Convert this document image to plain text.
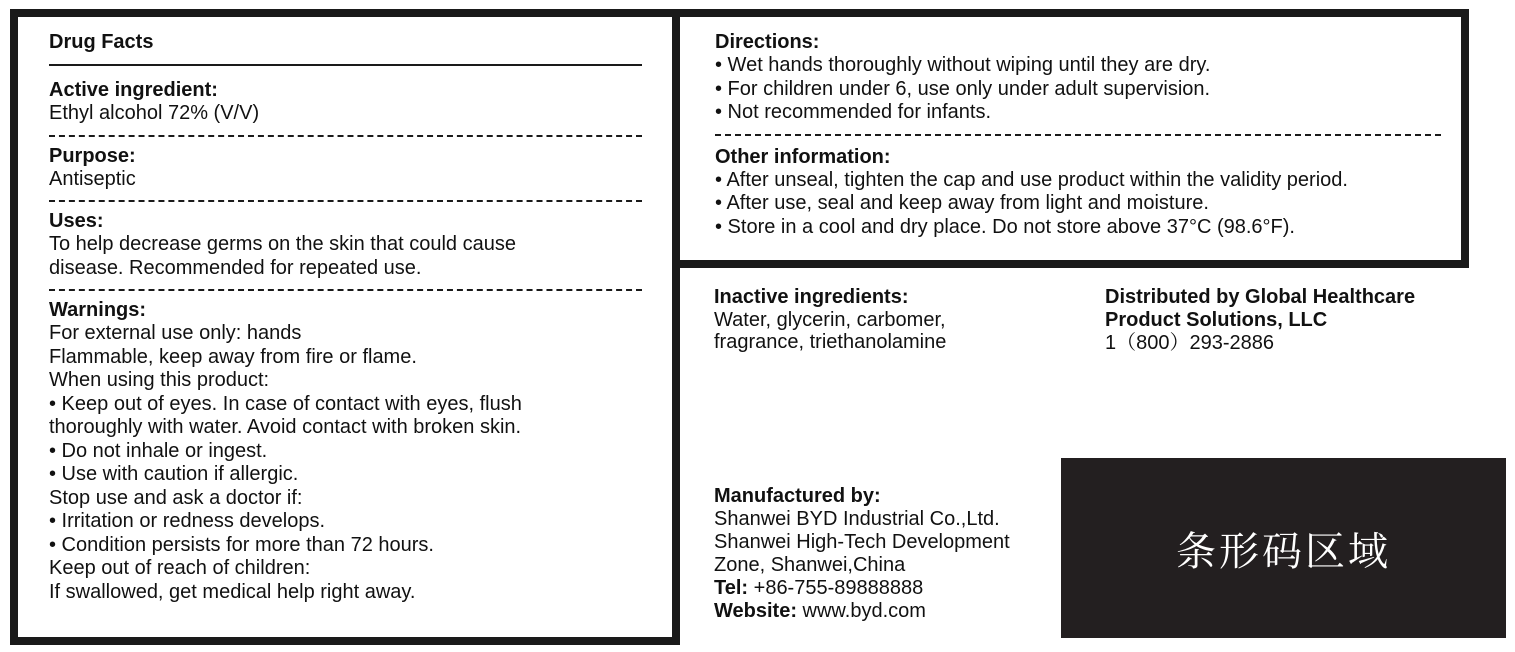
Drug Facts
Active ingredient:
Ethyl alcohol 72% (V/V)
Purpose:
Antiseptic
Uses:
To help decrease germs on the skin that could cause
disease. Recommended for repeated use.
Warnings:
For external use only: hands
Flammable, keep away from fire or flame.
When using this product:
• Keep out of eyes. In case of contact with eyes, flush
thoroughly with water. Avoid contact with broken skin.
• Do not inhale or ingest.
• Use with caution if allergic.
Stop use and ask a doctor if:
• Irritation or redness develops.
• Condition persists for more than 72 hours.
Keep out of reach of children:
If swallowed, get medical help right away.
Directions:
• Wet hands thoroughly without wiping until they are dry.
• For children under 6, use only under adult supervision.
• Not recommended for infants.
Other information:
• After unseal, tighten the cap and use product within the validity period.
• After use, seal and keep away from light and moisture.
• Store in a cool and dry place. Do not store above 37°C (98.6°F).
Inactive ingredients:
Water, glycerin, carbomer,
fragrance, triethanolamine
Distributed by Global Healthcare
Product Solutions, LLC
1（800）293-2886
Manufactured by:
Shanwei BYD Industrial Co.,Ltd.
Shanwei High-Tech Development
Zone, Shanwei,China
Tel: +86-755-89888888
Website: www.byd.com
条形码区域
